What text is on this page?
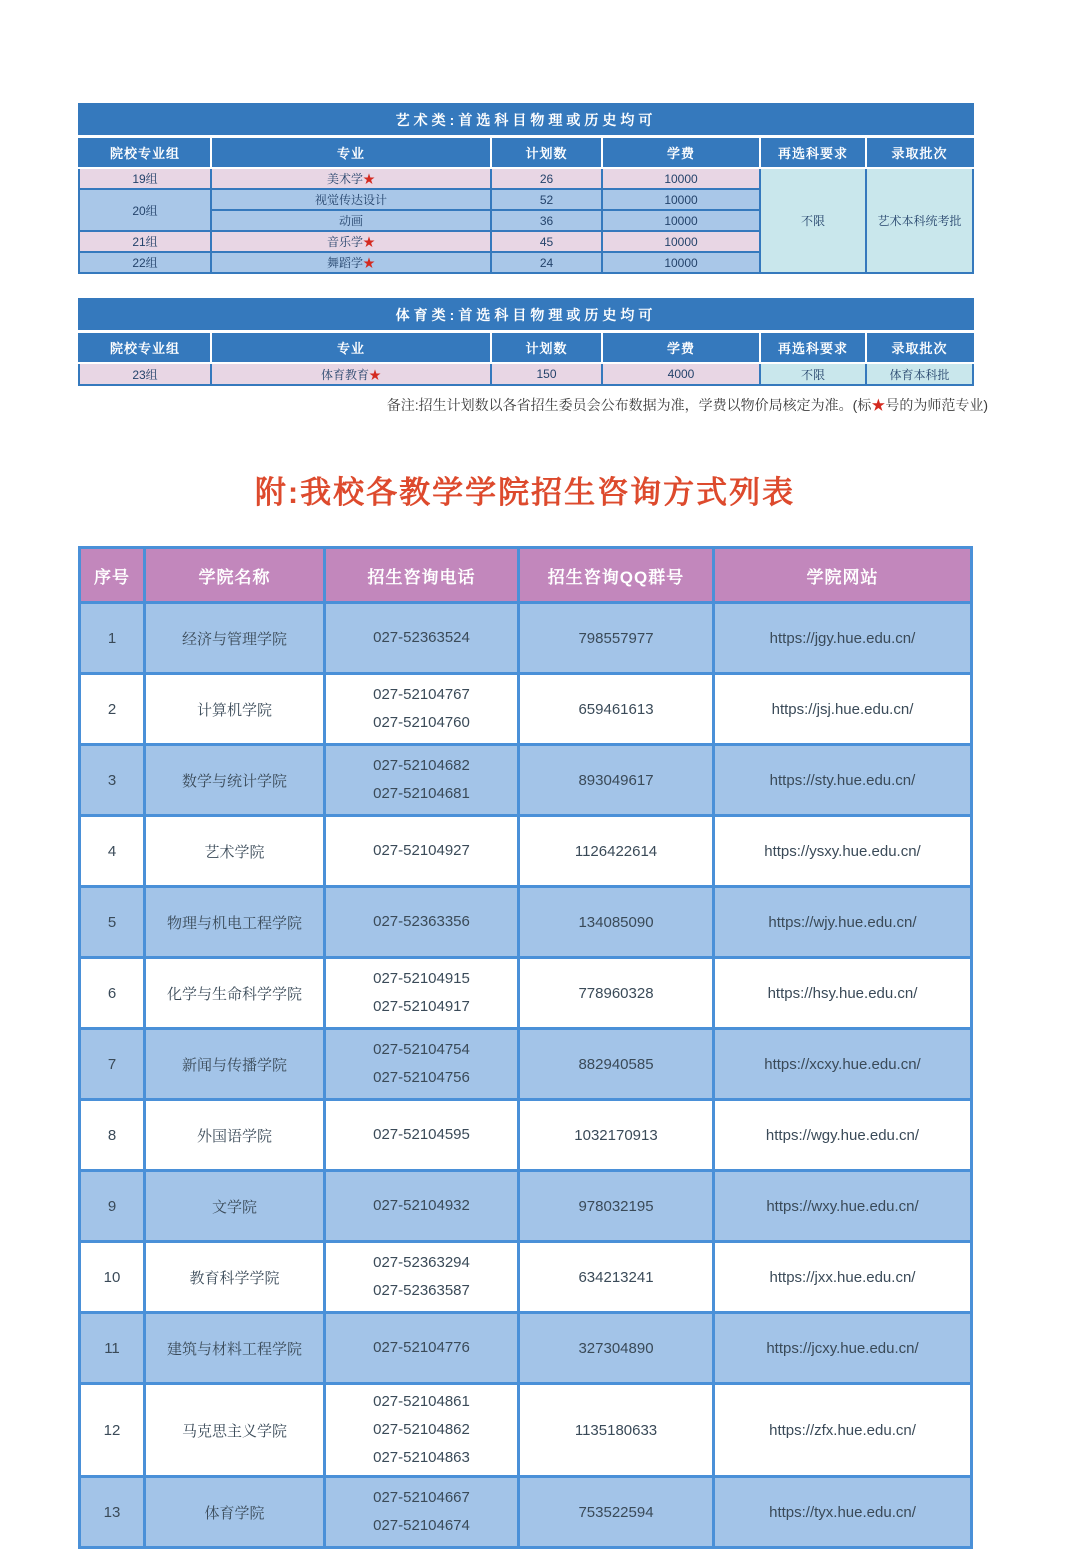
艺术类:首选科目物理或历史均可					
院校专业组	专业	计划数	学费	再选科要求	录取批次
19组	美术学★	26	10000	不限	艺术本科统考批
20组	视觉传达设计	52	10000		
	动画	36	10000		
21组	音乐学★	45	10000		
22组	舞蹈学★	24	10000		
体育类:首选科目物理或历史均可					
院校专业组	专业	计划数	学费	再选科要求	录取批次
23组	体育教育★	150	4000	不限	体育本科批
备注:招生计划数以各省招生委员会公布数据为准，学费以物价局核定为准。(标★号的为师范专业)
附:我校各教学学院招生咨询方式列表
序号	学院名称	招生咨询电话	招生咨询QQ群号	学院网站
1	经济与管理学院	027-52363524	798557977	https://jgy.hue.edu.cn/
2	计算机学院	027-52104767
027-52104760	659461613	https://jsj.hue.edu.cn/
3	数学与统计学院	027-52104682
027-52104681	893049617	https://sty.hue.edu.cn/
4	艺术学院	027-52104927	1126422614	https://ysxy.hue.edu.cn/
5	物理与机电工程学院	027-52363356	134085090	https://wjy.hue.edu.cn/
6	化学与生命科学学院	027-52104915
027-52104917	778960328	https://hsy.hue.edu.cn/
7	新闻与传播学院	027-52104754
027-52104756	882940585	https://xcxy.hue.edu.cn/
8	外国语学院	027-52104595	1032170913	https://wgy.hue.edu.cn/
9	文学院	027-52104932	978032195	https://wxy.hue.edu.cn/
10	教育科学学院	027-52363294
027-52363587	634213241	https://jxx.hue.edu.cn/
11	建筑与材料工程学院	027-52104776	327304890	https://jcxy.hue.edu.cn/
12	马克思主义学院	027-52104861
027-52104862
027-52104863	1135180633	https://zfx.hue.edu.cn/
13	体育学院	027-52104667
027-52104674	753522594	https://tyx.hue.edu.cn/
